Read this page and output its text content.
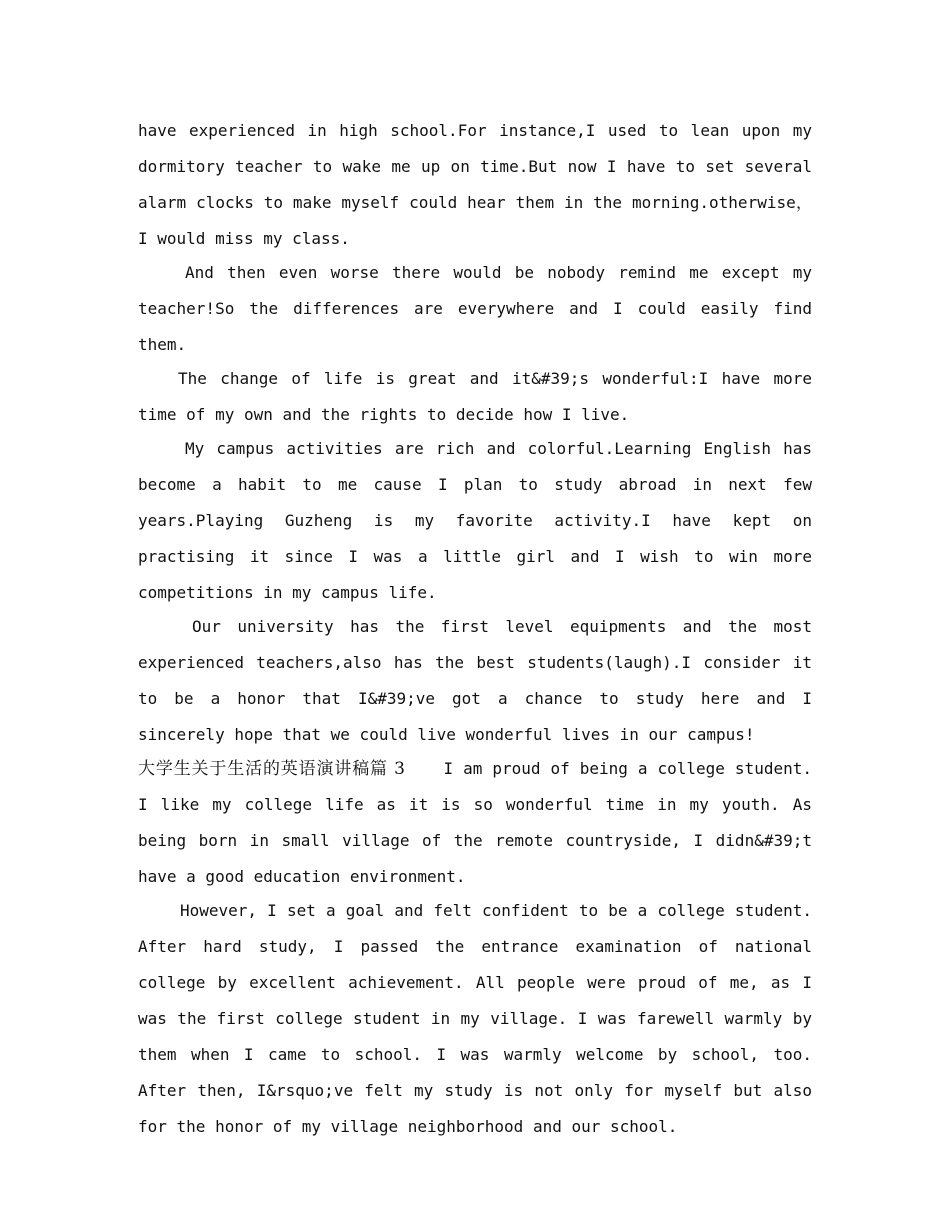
have experienced in high school.For instance,I used to lean upon my dormitory teacher to wake me up on time.But now I have to set several alarm clocks to make myself could hear them in the morning.otherwise，I would miss my class.

And then even worse there would be nobody remind me except my teacher!So the differences are everywhere and I could easily find them.

The change of life is great and it&#39;s wonderful:I have more time of my own and the rights to decide how I live.

My campus activities are rich and colorful.Learning English has become a habit to me cause I plan to study abroad in next few years.Playing Guzheng is my favorite activity.I have kept on practising it since I was a little girl and I wish to win more competitions in my campus life.

Our university has the first level equipments and the most experienced teachers,also has the best students(laugh).I consider it to be a honor that I&#39;ve got a chance to study here and I sincerely hope that we could live wonderful lives in our campus!

大学生关于生活的英语演讲稿篇 3 I am proud of being a college student. I like my college life as it is so wonderful time in my youth. As being born in small village of the remote countryside, I didn&#39;t have a good education environment.

However, I set a goal and felt confident to be a college student. After hard study, I passed the entrance examination of national college by excellent achievement. All people were proud of me, as I was the first college student in my village. I was farewell warmly by them when I came to school. I was warmly welcome by school, too. After then, I&rsquo;ve felt my study is not only for myself but also for the honor of my village neighborhood and our school.
